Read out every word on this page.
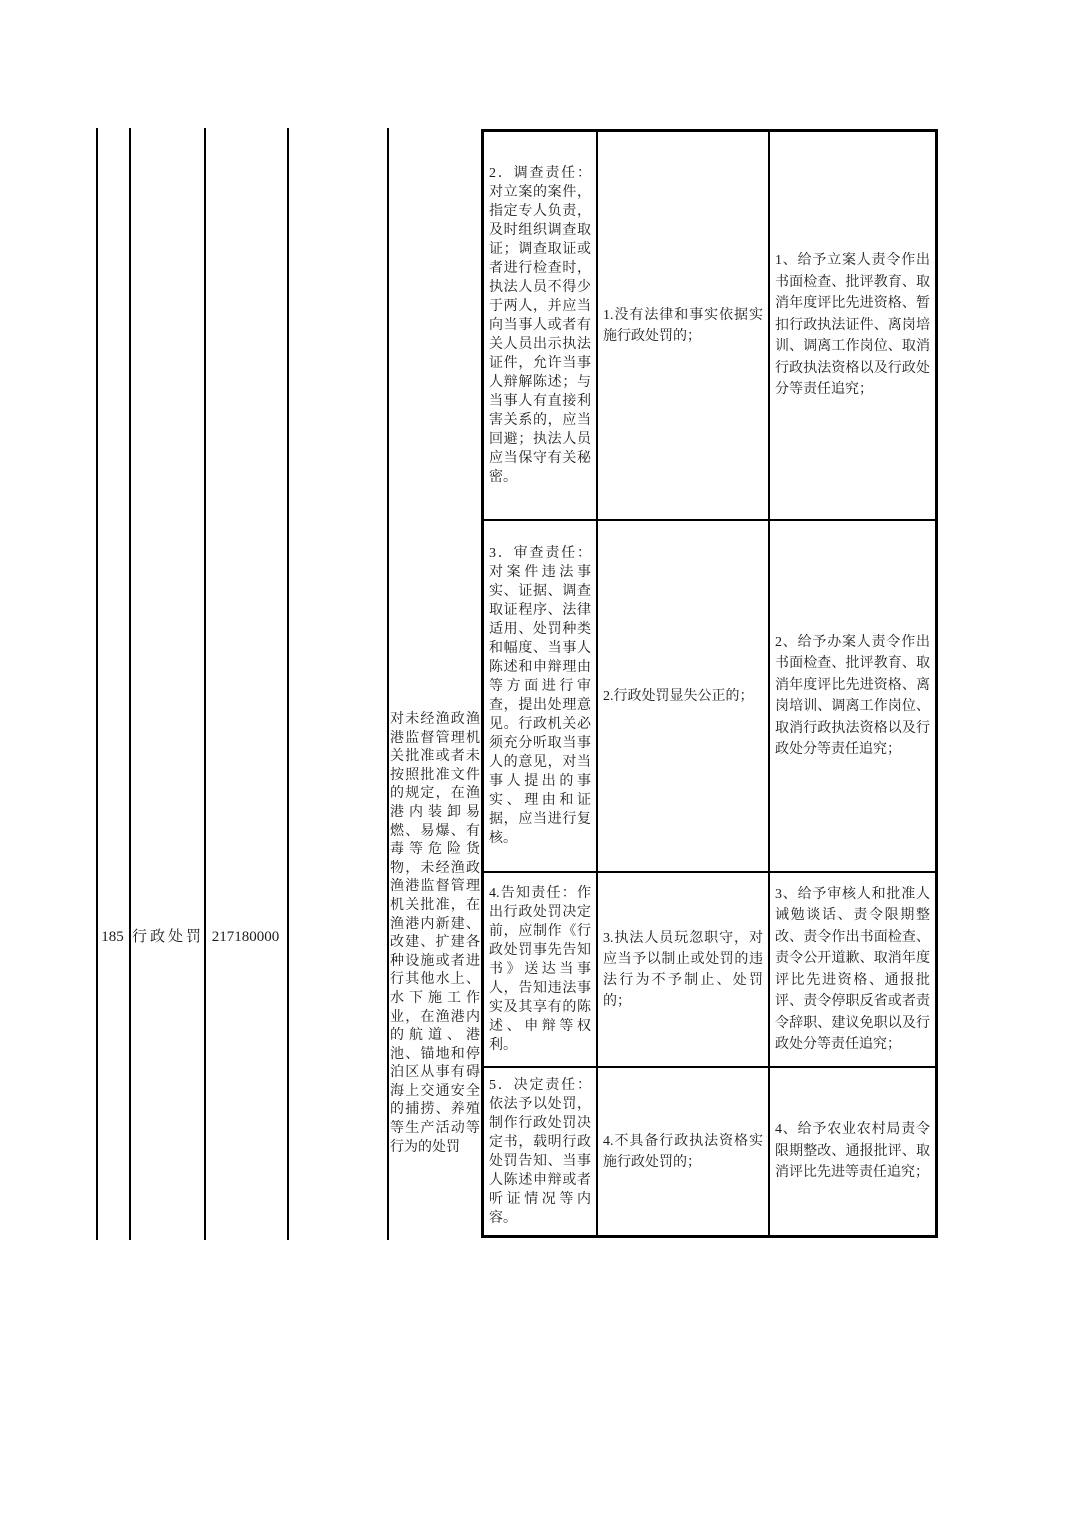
185 行政处罚 217180000
对未经渔政渔港监督管理机关批准或者未按照批准文件的规定，在渔港内装卸易燃、易爆、有毒等危险货物，未经渔政渔港监督管理机关批准，在渔港内新建、改建、扩建各种设施或者进行其他水上、水下施工作业，在渔港内的航道、港池、锚地和停泊区从事有碍海上交通安全的捕捞、养殖等生产活动等行为的处罚

2．调查责任：对立案的案件，指定专人负责，及时组织调查取证；调查取证或者进行检查时，执法人员不得少于两人，并应当向当事人或者有关人员出示执法证件，允许当事人辩解陈述；与当事人有直接利害关系的，应当回避；执法人员应当保守有关秘密。

1.没有法律和事实依据实施行政处罚的；

1、给予立案人责令作出书面检查、批评教育、取消年度评比先进资格、暂扣行政执法证件、离岗培训、调离工作岗位、取消行政执法资格以及行政处分等责任追究；

3．审查责任：对案件违法事实、证据、调查取证程序、法律适用、处罚种类和幅度、当事人陈述和申辩理由等方面进行审查，提出处理意见。行政机关必须充分听取当事人的意见，对当事人提出的事实、理由和证据，应当进行复核。

2.行政处罚显失公正的；

2、给予办案人责令作出书面检查、批评教育、取消年度评比先进资格、离岗培训、调离工作岗位、取消行政执法资格以及行政处分等责任追究；

4.告知责任：作出行政处罚决定前，应制作《行政处罚事先告知书》送达当事人，告知违法事实及其享有的陈述、申辩等权利。

3.执法人员玩忽职守，对应当予以制止或处罚的违法行为不予制止、处罚的；

3、给予审核人和批准人诫勉谈话、责令限期整改、责令作出书面检查、责令公开道歉、取消年度评比先进资格、通报批评、责令停职反省或者责令辞职、建议免职以及行政处分等责任追究；

5．决定责任：依法予以处罚，制作行政处罚决定书，载明行政处罚告知、当事人陈述申辩或者听证情况等内容。

4.不具备行政执法资格实施行政处罚的；

4、给予农业农村局责令限期整改、通报批评、取消评比先进等责任追究；
